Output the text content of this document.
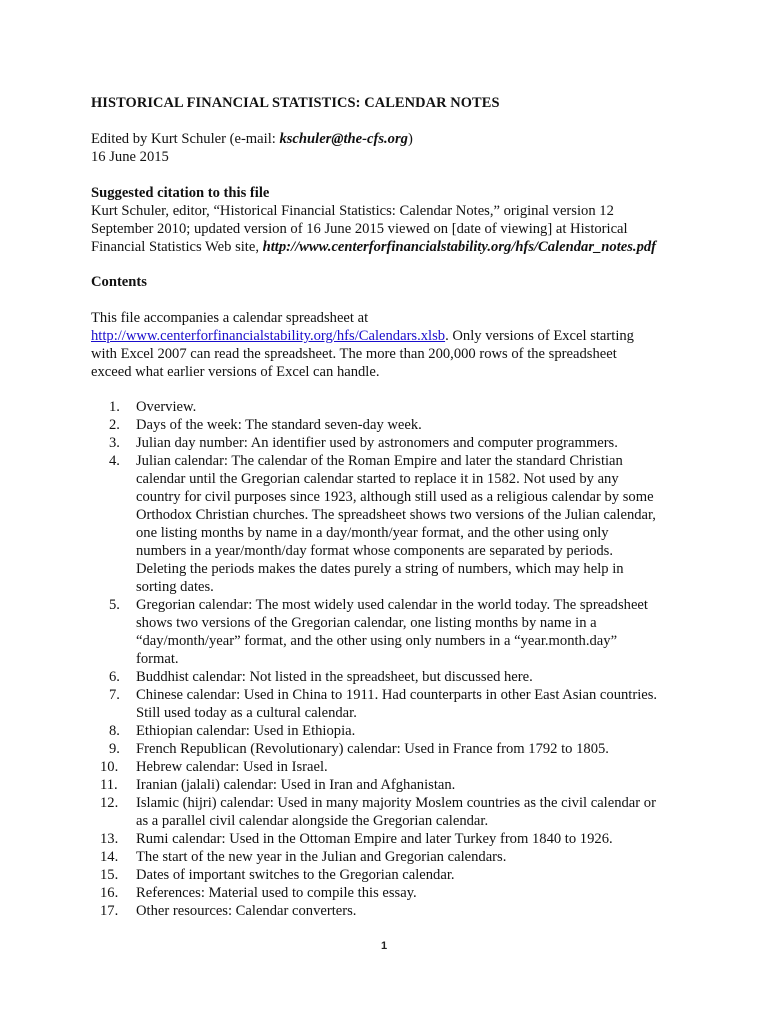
HISTORICAL FINANCIAL STATISTICS: CALENDAR NOTES
Edited by Kurt Schuler (e-mail: kschuler@the-cfs.org)
16 June 2015
Suggested citation to this file
Kurt Schuler, editor, “Historical Financial Statistics: Calendar Notes,” original version 12
September 2010; updated version of 16 June 2015 viewed on [date of viewing] at Historical
Financial Statistics Web site, http://www.centerforfinancialstability.org/hfs/Calendar_notes.pdf
Contents
This file accompanies a calendar spreadsheet at
http://www.centerforfinancialstability.org/hfs/Calendars.xlsb. Only versions of Excel starting
with Excel 2007 can read the spreadsheet. The more than 200,000 rows of the spreadsheet
exceed what earlier versions of Excel can handle.
1. Overview.
2. Days of the week: The standard seven-day week.
3. Julian day number: An identifier used by astronomers and computer programmers.
4. Julian calendar: The calendar of the Roman Empire and later the standard Christian
calendar until the Gregorian calendar started to replace it in 1582. Not used by any
country for civil purposes since 1923, although still used as a religious calendar by some
Orthodox Christian churches. The spreadsheet shows two versions of the Julian calendar,
one listing months by name in a day/month/year format, and the other using only
numbers in a year/month/day format whose components are separated by periods.
Deleting the periods makes the dates purely a string of numbers, which may help in
sorting dates.
5. Gregorian calendar: The most widely used calendar in the world today. The spreadsheet
shows two versions of the Gregorian calendar, one listing months by name in a
“day/month/year” format, and the other using only numbers in a “year.month.day”
format.
6. Buddhist calendar: Not listed in the spreadsheet, but discussed here.
7. Chinese calendar: Used in China to 1911. Had counterparts in other East Asian countries.
Still used today as a cultural calendar.
8. Ethiopian calendar: Used in Ethiopia.
9. French Republican (Revolutionary) calendar: Used in France from 1792 to 1805.
10. Hebrew calendar: Used in Israel.
11. Iranian (jalali) calendar: Used in Iran and Afghanistan.
12. Islamic (hijri) calendar: Used in many majority Moslem countries as the civil calendar or
as a parallel civil calendar alongside the Gregorian calendar.
13. Rumi calendar: Used in the Ottoman Empire and later Turkey from 1840 to 1926.
14. The start of the new year in the Julian and Gregorian calendars.
15. Dates of important switches to the Gregorian calendar.
16. References: Material used to compile this essay.
17. Other resources: Calendar converters.
1
